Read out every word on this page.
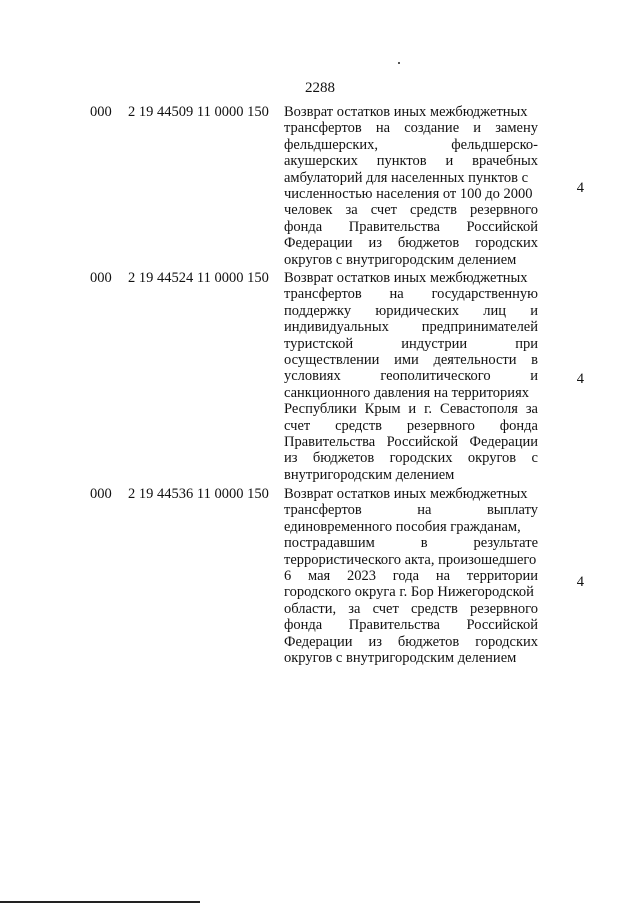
2288
000 2 19 44509 11 0000 150 Возврат остатков иных межбюджетных
трансфертов на создание и замену
фельдшерских, фельдшерско-
акушерских пунктов и врачебных
амбулаторий для населенных пунктов с
численностью населения от 100 до 2000
человек за счет средств резервного
фонда Правительства Российской
Федерации из бюджетов городских
округов с внутригородским делением
4
000 2 19 44524 11 0000 150 Возврат остатков иных межбюджетных
трансфертов на государственную
поддержку юридических лиц и
индивидуальных предпринимателей
туристской индустрии при
осуществлении ими деятельности в
условиях геополитического и
санкционного давления на территориях
Республики Крым и г. Севастополя за
счет средств резервного фонда
Правительства Российской Федерации
из бюджетов городских округов с
внутригородским делением
4
000 2 19 44536 11 0000 150 Возврат остатков иных межбюджетных
трансфертов на выплату
единовременного пособия гражданам,
пострадавшим в результате
террористического акта, произошедшего
6 мая 2023 года на территории
городского округа г. Бор Нижегородской
области, за счет средств резервного
фонда Правительства Российской
Федерации из бюджетов городских
округов с внутригородским делением
4
